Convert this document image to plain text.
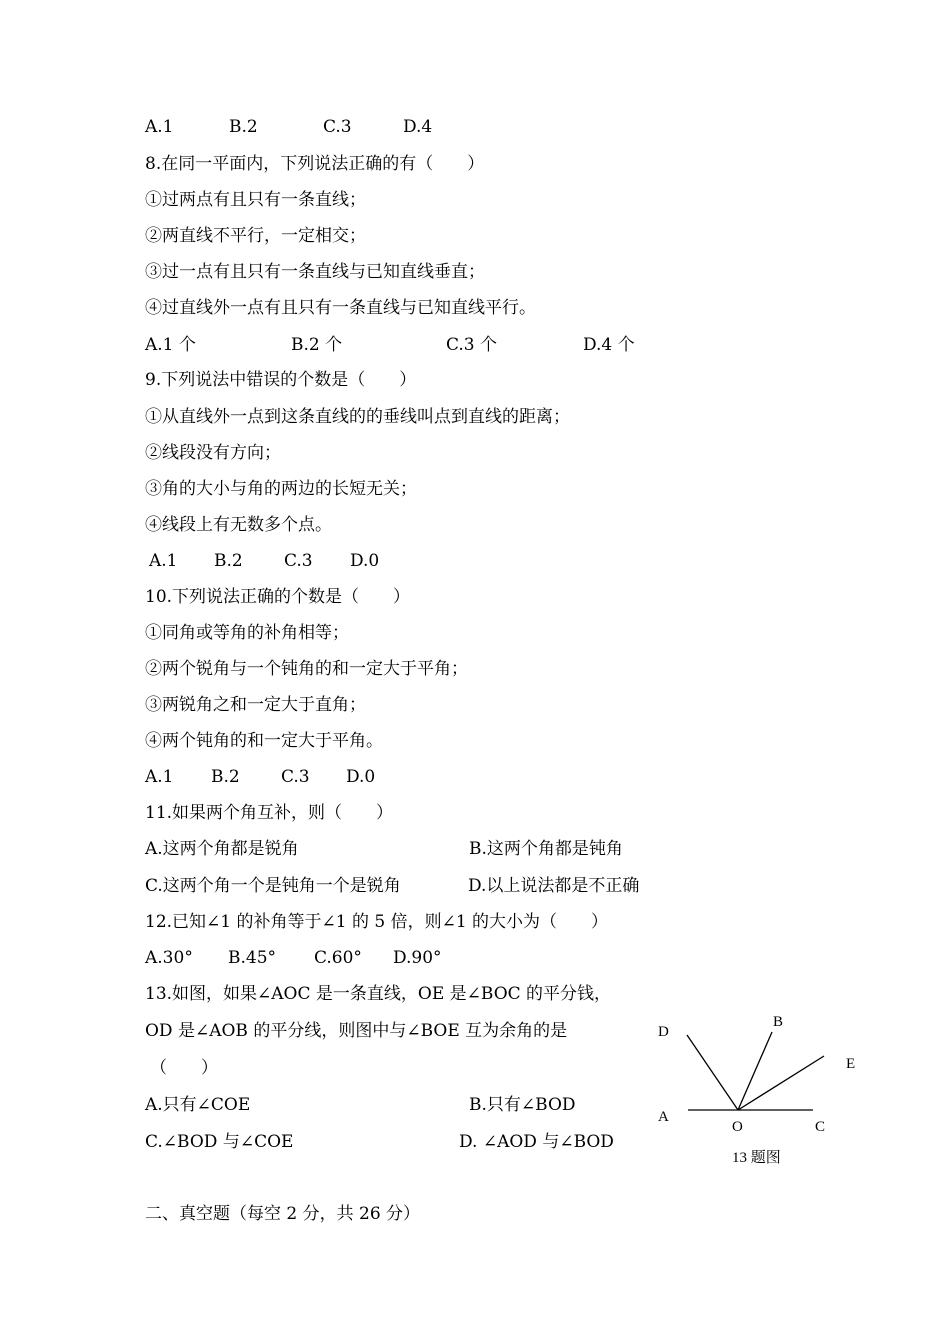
A.1	B.2	C.3	D.4
8.在同一平面内，下列说法正确的有（　　）
①过两点有且只有一条直线；
②两直线不平行，一定相交；
③过一点有且只有一条直线与已知直线垂直；
④过直线外一点有且只有一条直线与已知直线平行。
A.1 个	B.2 个	C.3 个	D.4 个
9.下列说法中错误的个数是（　　）
①从直线外一点到这条直线的的垂线叫点到直线的距离；
②线段没有方向；
③角的大小与角的两边的长短无关；
④线段上有无数多个点。
A.1 B.2 C.3 D.0
10.下列说法正确的个数是（　　）
①同角或等角的补角相等；
②两个锐角与一个钝角的和一定大于平角；
③两锐角之和一定大于直角；
④两个钝角的和一定大于平角。
A.1 B.2 C.3 D.0
11.如果两个角互补，则（　　）
A.这两个角都是锐角	B.这两个角都是钝角
C.这两个角一个是钝角一个是锐角	D.以上说法都是不正确
12.已知∠1 的补角等于∠1 的 5 倍，则∠1 的大小为（　　）
A.30° B.45° C.60° D.90°
13.如图，如果∠AOC 是一条直线，OE 是∠BOC 的平分钱，
OD 是∠AOB 的平分线，则图中与∠BOE 互为余角的是
（　　）
A.只有∠COE	B.只有∠BOD
C.∠BOD 与∠COE	D. ∠AOD 与∠BOD
D
B
E
A
O	C
13 题图
二、真空题（每空 2 分，共 26 分）
